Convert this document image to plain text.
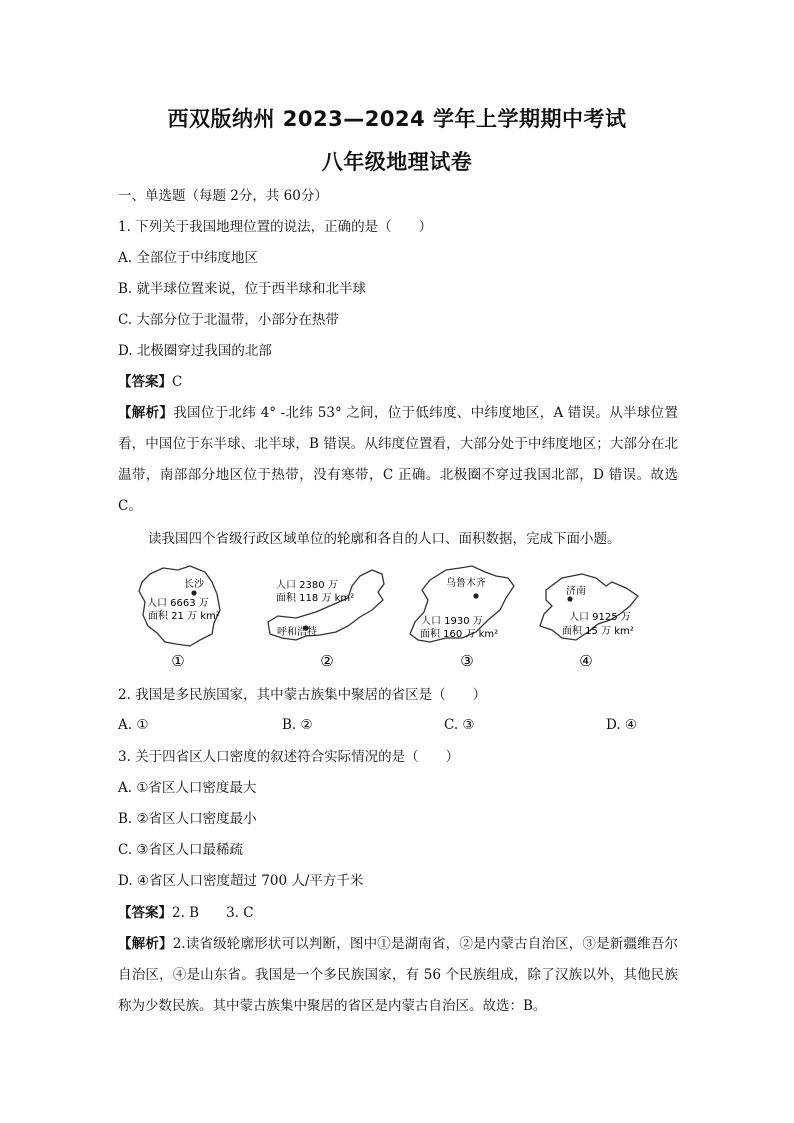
西双版纳州 2023—2024 学年上学期期中考试
八年级地理试卷
一、单选题（每题 2分，共 60分）
1. 下列关于我国地理位置的说法，正确的是（　　）
A. 全部位于中纬度地区
B. 就半球位置来说，位于西半球和北半球
C. 大部分位于北温带，小部分在热带
D. 北极圈穿过我国的北部
【答案】C
【解析】我国位于北纬 4° -北纬 53° 之间，位于低纬度、中纬度地区，A 错误。从半球位置看，中国位于东半球、北半球，B 错误。从纬度位置看，大部分处于中纬度地区；大部分在北温带，南部部分地区位于热带，没有寒带，C 正确。北极圈不穿过我国北部，D 错误。故选 C。
读我国四个省级行政区域单位的轮廓和各自的人口、面积数据，完成下面小题。
长沙
人口 6663 万
面积 21 万 km²
①
人口 2380 万
面积 118 万 km²
呼和浩特
②
乌鲁木齐
人口 1930 万
面积 160 万 km²
③
济南
人口 9125 万
面积 15 万 km²
④
2. 我国是多民族国家，其中蒙古族集中聚居的省区是（　　）
A. ①	B. ②	C. ③	D. ④
3. 关于四省区人口密度的叙述符合实际情况的是（　　）
A. ①省区人口密度最大
B. ②省区人口密度最小
C. ③省区人口最稀疏
D. ④省区人口密度超过 700 人/平方千米
【答案】2. B　　3. C
【解析】2.读省级轮廓形状可以判断，图中①是湖南省，②是内蒙古自治区，③是新疆维吾尔自治区，④是山东省。我国是一个多民族国家，有 56 个民族组成，除了汉族以外，其他民族称为少数民族。其中蒙古族集中聚居的省区是内蒙古自治区。故选：B。
